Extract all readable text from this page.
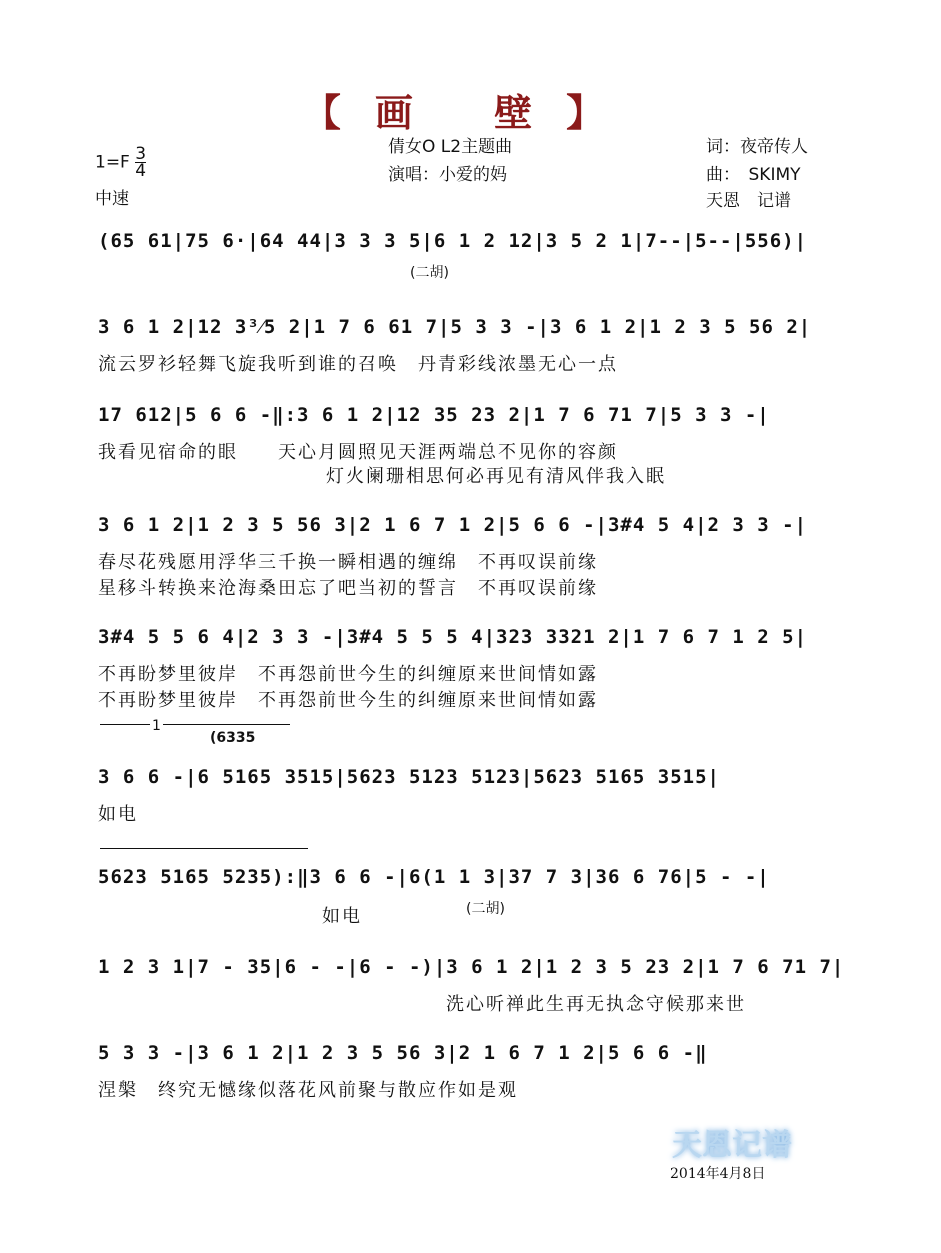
【画 壁】
$1=F \frac{3}{4}$
中速
倩女O L2主题曲
演唱：小爱的妈
词：夜帝传人
曲：　SKIMY
天恩　记谱
(65 61|75 6·|64 44|3 3 3 5|6 1 2 12|3 5 2 1|7--|5--|556)|
(二胡)
3 6 1 2|12 3³⁄5 2|1 7 6 61 7|5 3 3 -|3 6 1 2|1 2 3 5 56 2|
流云罗衫轻舞飞旋我听到谁的召唤　丹青彩线浓墨无心一点
17 612|5 6 6 -‖:3 6 1 2|12 35 23 2|1 7 6 71 7|5 3 3 -|
我看见宿命的眼　　天心月圆照见天涯两端总不见你的容颜
灯火阑珊相思何必再见有清风伴我入眠
3 6 1 2|1 2 3 5 56 3|2 1 6 7 1 2|5 6 6 -|3#4 5 4|2 3 3 -|
春尽花残愿用浮华三千换一瞬相遇的缠绵　不再叹误前缘
星移斗转换来沧海桑田忘了吧当初的誓言　不再叹误前缘
3#4 5 5 6 4|2 3 3 -|3#4 5 5 5 4|323 3321 2|1 7 6 7 1 2 5|
不再盼梦里彼岸　不再怨前世今生的纠缠原来世间情如露
不再盼梦里彼岸　不再怨前世今生的纠缠原来世间情如露
1
(6335
3 6 6 -|6 5165 3515|5623 5123 5123|5623 5165 3515|
如电
5623 5165 5235):‖3 6 6 -|6(1 1 3|37 7 3|36 6 76|5 - -|
如电	(二胡)
1 2 3 1|7 - 35|6 - -|6 - -)|3 6 1 2|1 2 3 5 23 2|1 7 6 71 7|
洗心听禅此生再无执念守候那来世
5 3 3 -|3 6 1 2|1 2 3 5 56 3|2 1 6 7 1 2|5 6 6 -‖
涅槃　终究无憾缘似落花风前聚与散应作如是观
天恩记谱
2014年4月8日
